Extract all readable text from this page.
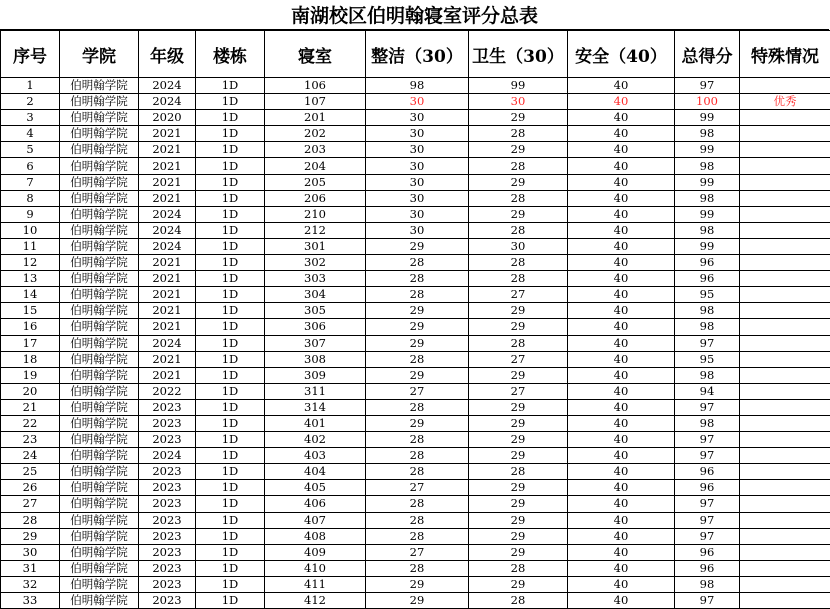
南湖校区伯明翰寝室评分总表
序号	学院	年级	楼栋	寝室	整洁（30）	卫生（30）	安全（40）	总得分	特殊情况
1	伯明翰学院	2024	1D	106	98	99	40	97	
2	伯明翰学院	2024	1D	107	30	30	40	100	优秀
3	伯明翰学院	2020	1D	201	30	29	40	99	
4	伯明翰学院	2021	1D	202	30	28	40	98	
5	伯明翰学院	2021	1D	203	30	29	40	99	
6	伯明翰学院	2021	1D	204	30	28	40	98	
7	伯明翰学院	2021	1D	205	30	29	40	99	
8	伯明翰学院	2021	1D	206	30	28	40	98	
9	伯明翰学院	2024	1D	210	30	29	40	99	
10	伯明翰学院	2024	1D	212	30	28	40	98	
11	伯明翰学院	2024	1D	301	29	30	40	99	
12	伯明翰学院	2021	1D	302	28	28	40	96	
13	伯明翰学院	2021	1D	303	28	28	40	96	
14	伯明翰学院	2021	1D	304	28	27	40	95	
15	伯明翰学院	2021	1D	305	29	29	40	98	
16	伯明翰学院	2021	1D	306	29	29	40	98	
17	伯明翰学院	2024	1D	307	29	28	40	97	
18	伯明翰学院	2021	1D	308	28	27	40	95	
19	伯明翰学院	2021	1D	309	29	29	40	98	
20	伯明翰学院	2022	1D	311	27	27	40	94	
21	伯明翰学院	2023	1D	314	28	29	40	97	
22	伯明翰学院	2023	1D	401	29	29	40	98	
23	伯明翰学院	2023	1D	402	28	29	40	97	
24	伯明翰学院	2024	1D	403	28	29	40	97	
25	伯明翰学院	2023	1D	404	28	28	40	96	
26	伯明翰学院	2023	1D	405	27	29	40	96	
27	伯明翰学院	2023	1D	406	28	29	40	97	
28	伯明翰学院	2023	1D	407	28	29	40	97	
29	伯明翰学院	2023	1D	408	28	29	40	97	
30	伯明翰学院	2023	1D	409	27	29	40	96	
31	伯明翰学院	2023	1D	410	28	28	40	96	
32	伯明翰学院	2023	1D	411	29	29	40	98	
33	伯明翰学院	2023	1D	412	29	28	40	97	
